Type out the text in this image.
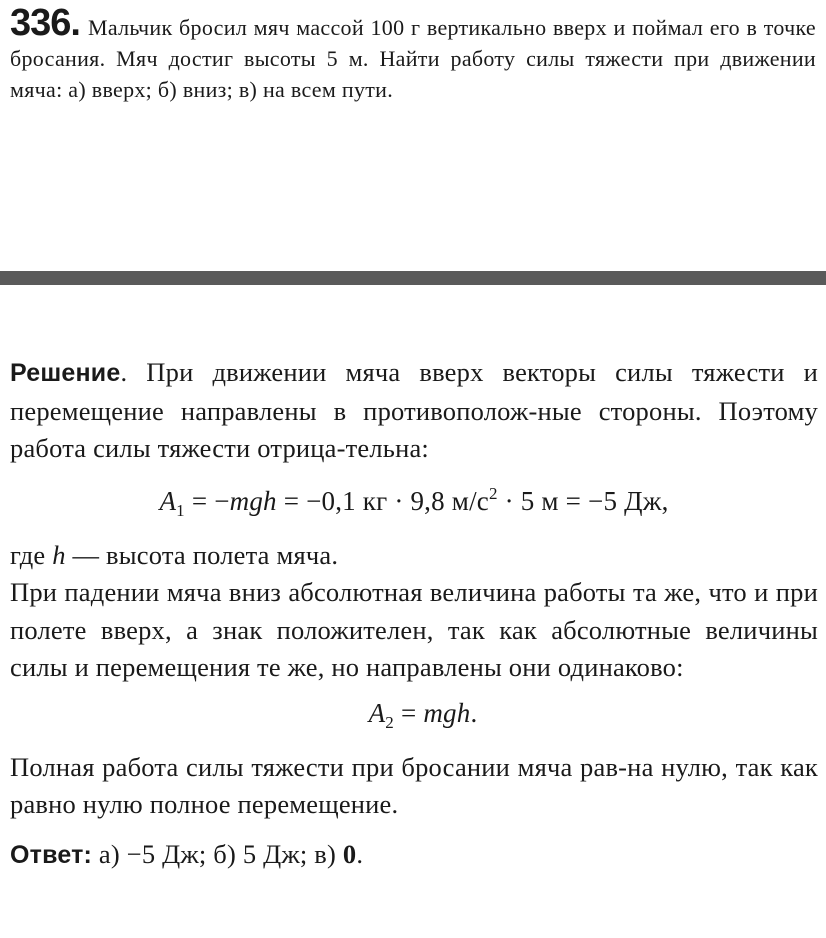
336. Мальчик бросил мяч массой 100 г вертикально вверх и поймал его в точке бросания. Мяч достиг высоты 5 м. Найти работу силы тяжести при движении мяча: а) вверх; б) вниз; в) на всем пути.

Решение. При движении мяча вверх векторы силы тяжести и перемещение направлены в противополож-ные стороны. Поэтому работа силы тяжести отрица-тельна:

$A_1 = -mgh = -0,1$ кг · 9,8 $м/с^2 \cdot 5$ м = −5 Дж,

где h — высота полета мяча.

При падении мяча вниз абсолютная величина работы та же, что и при полете вверх, а знак положителен, так как абсолютные величины силы и перемещения те же, но направлены они одинаково:

$A_2$ = mgh.

Полная работа силы тяжести при бросании мяча рав-на нулю, так как равно нулю полное перемещение.

Ответ: а) −5 Дж; б) 5 Дж; в) 0.
